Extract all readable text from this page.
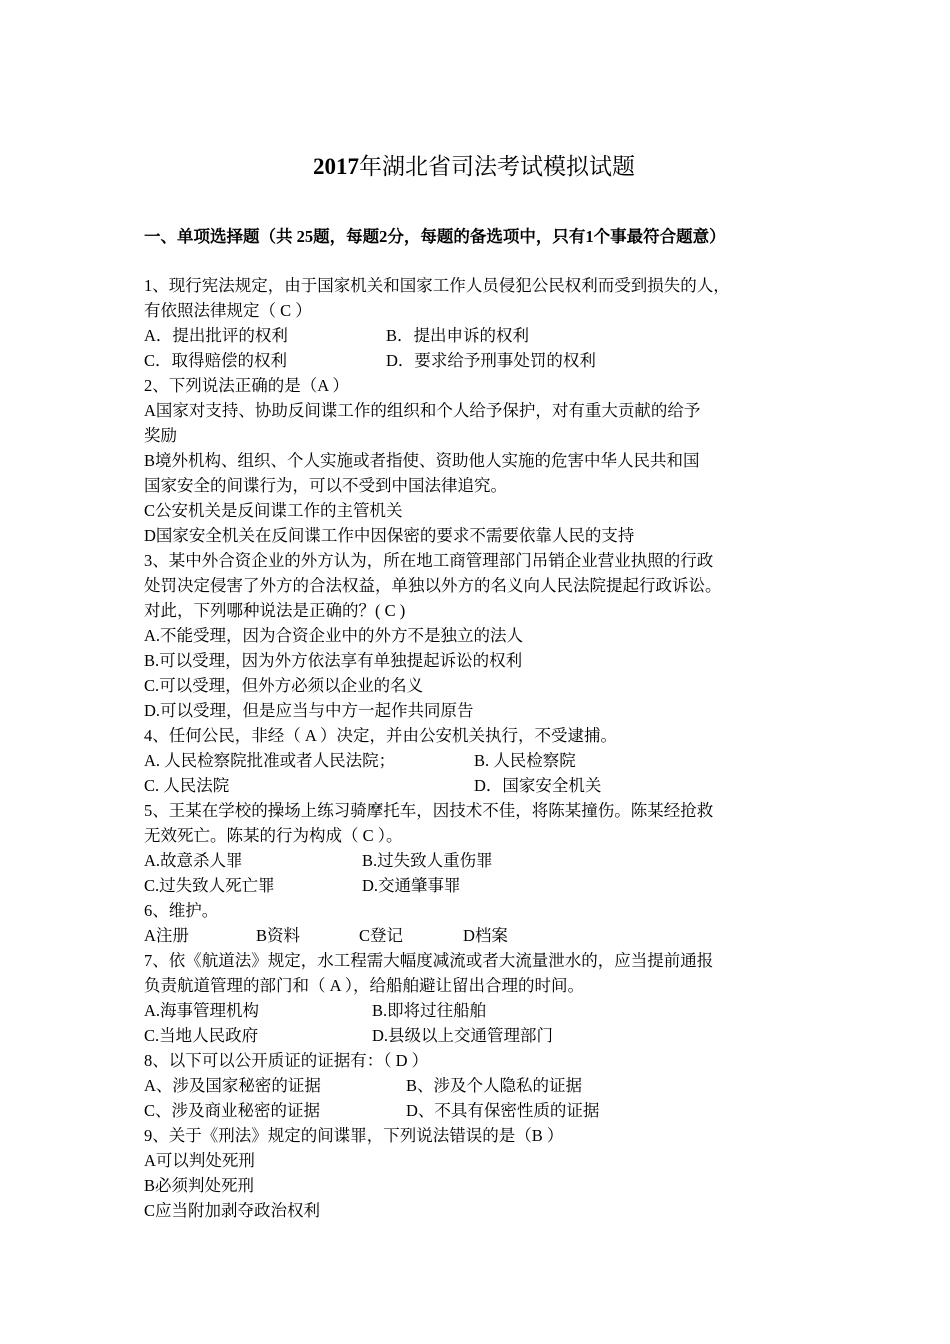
2017年湖北省司法考试模拟试题
一、单项选择题（共 25题，每题2分，每题的备选项中，只有1个事最符合题意）
1、现行宪法规定，由于国家机关和国家工作人员侵犯公民权利而受到损失的人，
有依照法律规定（ C ）
A．提出批评的权利	B．提出申诉的权利
C．取得赔偿的权利	D．要求给予刑事处罚的权利
2、下列说法正确的是（A ）
A国家对支持、协助反间谍工作的组织和个人给予保护，对有重大贡献的给予
奖励
B境外机构、组织、个人实施或者指使、资助他人实施的危害中华人民共和国
国家安全的间谍行为，可以不受到中国法律追究。
C公安机关是反间谍工作的主管机关
D国家安全机关在反间谍工作中因保密的要求不需要依靠人民的支持
3、某中外合资企业的外方认为，所在地工商管理部门吊销企业营业执照的行政
处罚决定侵害了外方的合法权益，单独以外方的名义向人民法院提起行政诉讼。
对此，下列哪种说法是正确的？( C )
A.不能受理，因为合资企业中的外方不是独立的法人
B.可以受理，因为外方依法享有单独提起诉讼的权利
C.可以受理，但外方必须以企业的名义
D.可以受理，但是应当与中方一起作共同原告
4、任何公民，非经（ A ）决定，并由公安机关执行，不受逮捕。
A. 人民检察院批准或者人民法院；	B. 人民检察院
C. 人民法院	D．国家安全机关
5、王某在学校的操场上练习骑摩托车，因技术不佳，将陈某撞伤。陈某经抢救
无效死亡。陈某的行为构成（ C ）。
A.故意杀人罪	B.过失致人重伤罪
C.过失致人死亡罪	D.交通肇事罪
6、维护。
A注册	B资料	C登记	D档案
7、依《航道法》规定，水工程需大幅度减流或者大流量泄水的，应当提前通报
负责航道管理的部门和（ A ），给船舶避让留出合理的时间。
A.海事管理机构	B.即将过往船舶
C.当地人民政府	D.县级以上交通管理部门
8、以下可以公开质证的证据有：（ D ）
A、涉及国家秘密的证据	B、涉及个人隐私的证据
C、涉及商业秘密的证据	D、不具有保密性质的证据
9、关于《刑法》规定的间谍罪，下列说法错误的是（B ）
A可以判处死刑
B必须判处死刑
C应当附加剥夺政治权利
